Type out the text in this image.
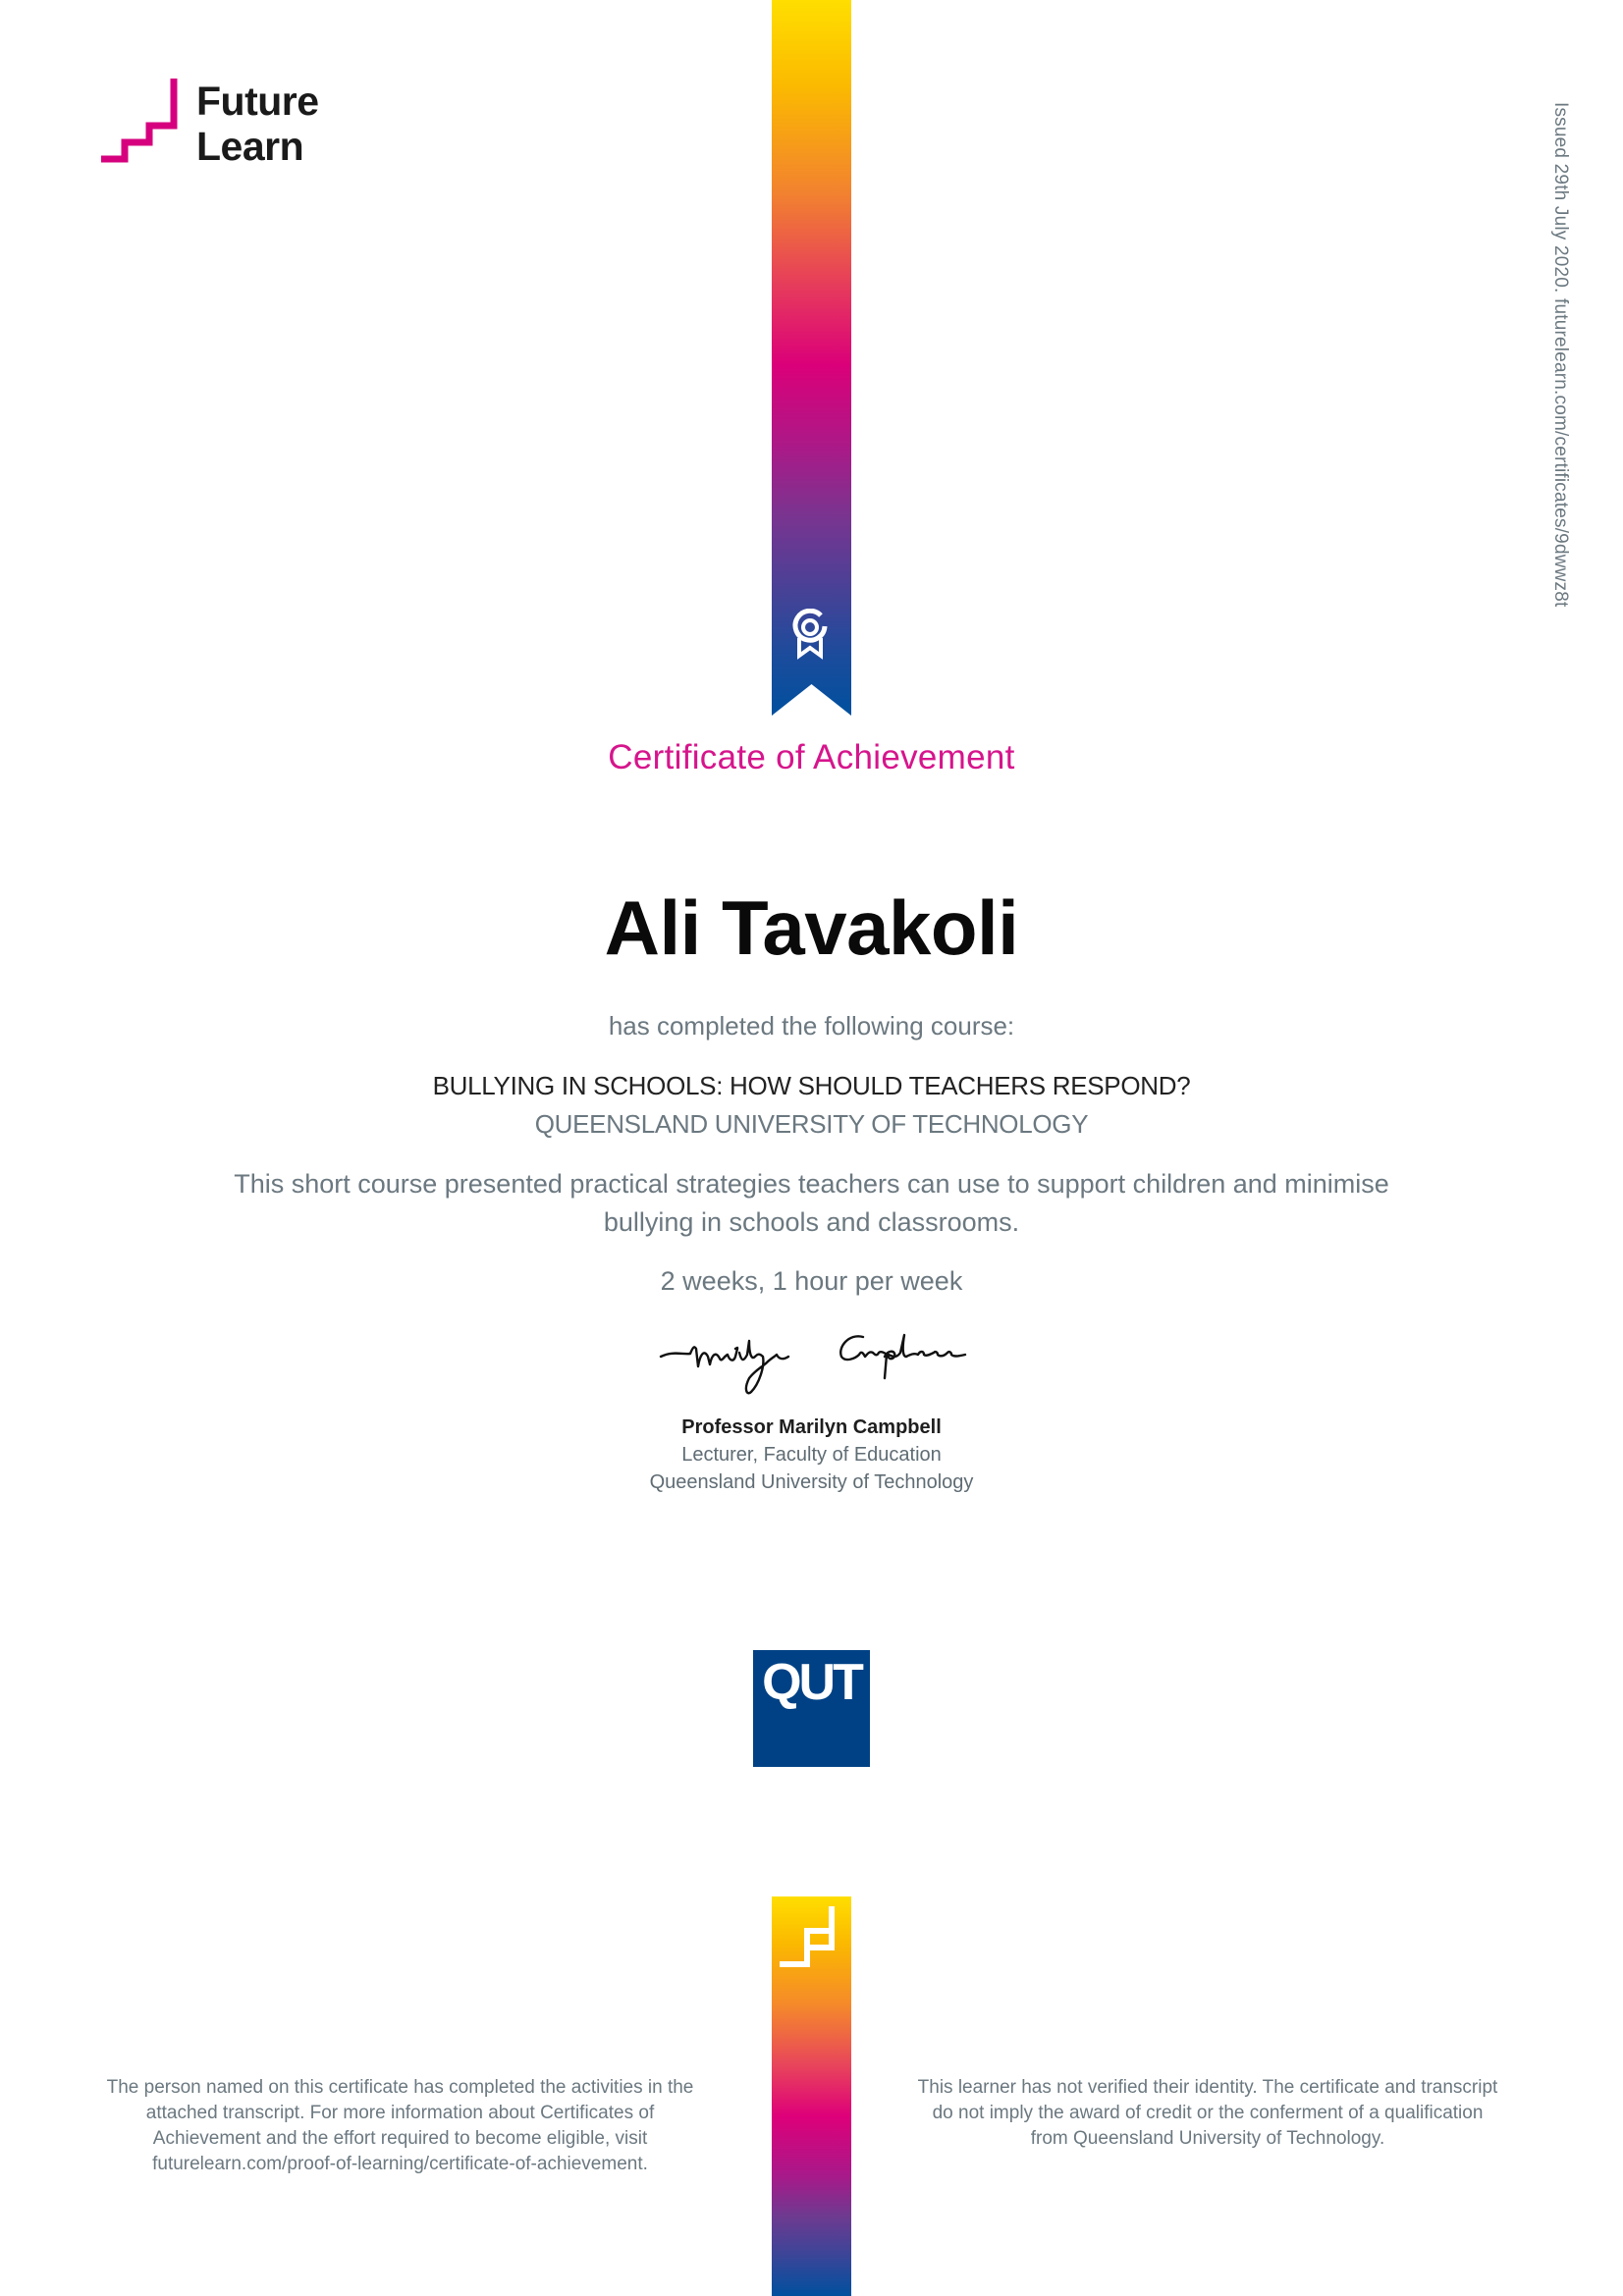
Future
Learn	Issued 29th July 2020. futurelearn.com/certificates/9dwwz8t
Certificate of Achievement
Ali Tavakoli
has completed the following course:
BULLYING IN SCHOOLS: HOW SHOULD TEACHERS RESPOND?
QUEENSLAND UNIVERSITY OF TECHNOLOGY
This short course presented practical strategies teachers can use to support children and minimise
bullying in schools and classrooms.
2 weeks, 1 hour per week
Professor Marilyn Campbell
Lecturer, Faculty of Education
Queensland University of Technology
QUT
The person named on this certificate has completed the activities in the
attached transcript. For more information about Certificates of
Achievement and the effort required to become eligible, visit
futurelearn.com/proof-of-learning/certificate-of-achievement.
This learner has not verified their identity. The certificate and transcript
do not imply the award of credit or the conferment of a qualification
from Queensland University of Technology.
